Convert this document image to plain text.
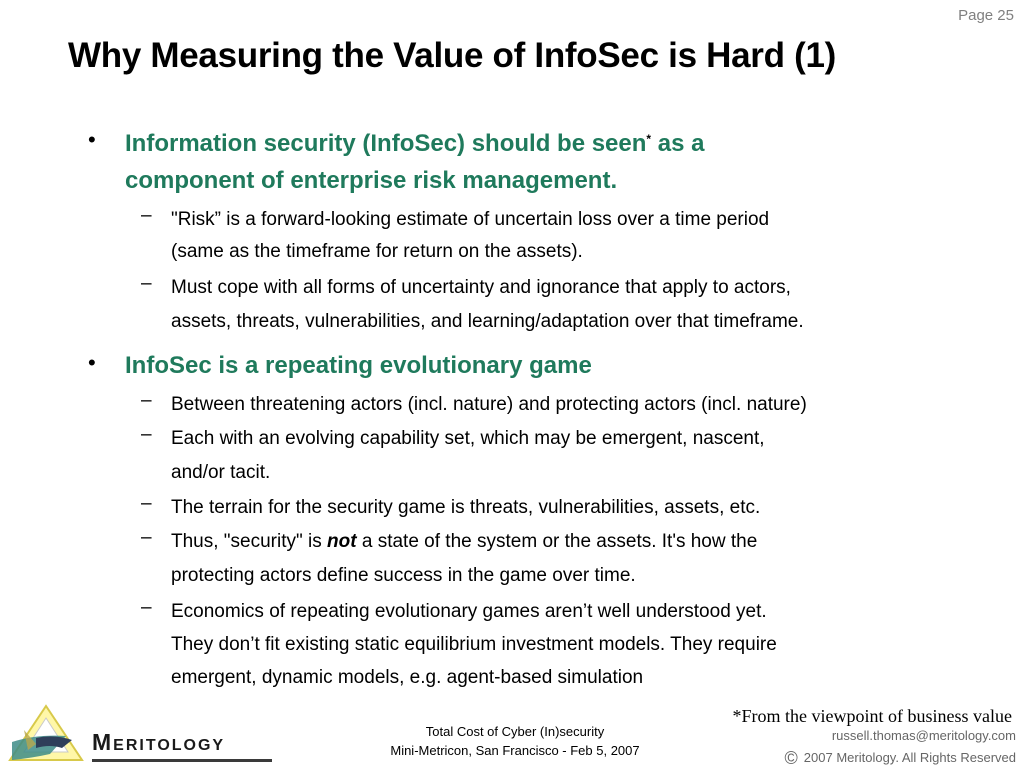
Page 25
Why Measuring the Value of InfoSec is Hard (1)
• Information security (InfoSec) should be seen* as a
component of enterprise risk management.
– "Risk” is a forward-looking estimate of uncertain loss over a time period
(same as the timeframe for return on the assets).
– Must cope with all forms of uncertainty and ignorance that apply to actors,
assets, threats, vulnerabilities, and learning/adaptation over that timeframe.
• InfoSec is a repeating evolutionary game
– Between threatening actors (incl. nature) and protecting actors (incl. nature)
– Each with an evolving capability set, which may be emergent, nascent,
and/or tacit.
– The terrain for the security game is threats, vulnerabilities, assets, etc.
– Thus, "security" is not a state of the system or the assets. It's how the
protecting actors define success in the game over time.
– Economics of repeating evolutionary games aren’t well understood yet.
They don’t fit existing static equilibrium investment models. They require
emergent, dynamic models, e.g. agent-based simulation
*From the viewpoint of business value
Total Cost of Cyber (In)security
Mini-Metricon, San Francisco - Feb 5, 2007
russell.thomas@meritology.com
© 2007 Meritology. All Rights Reserved
Meritology
